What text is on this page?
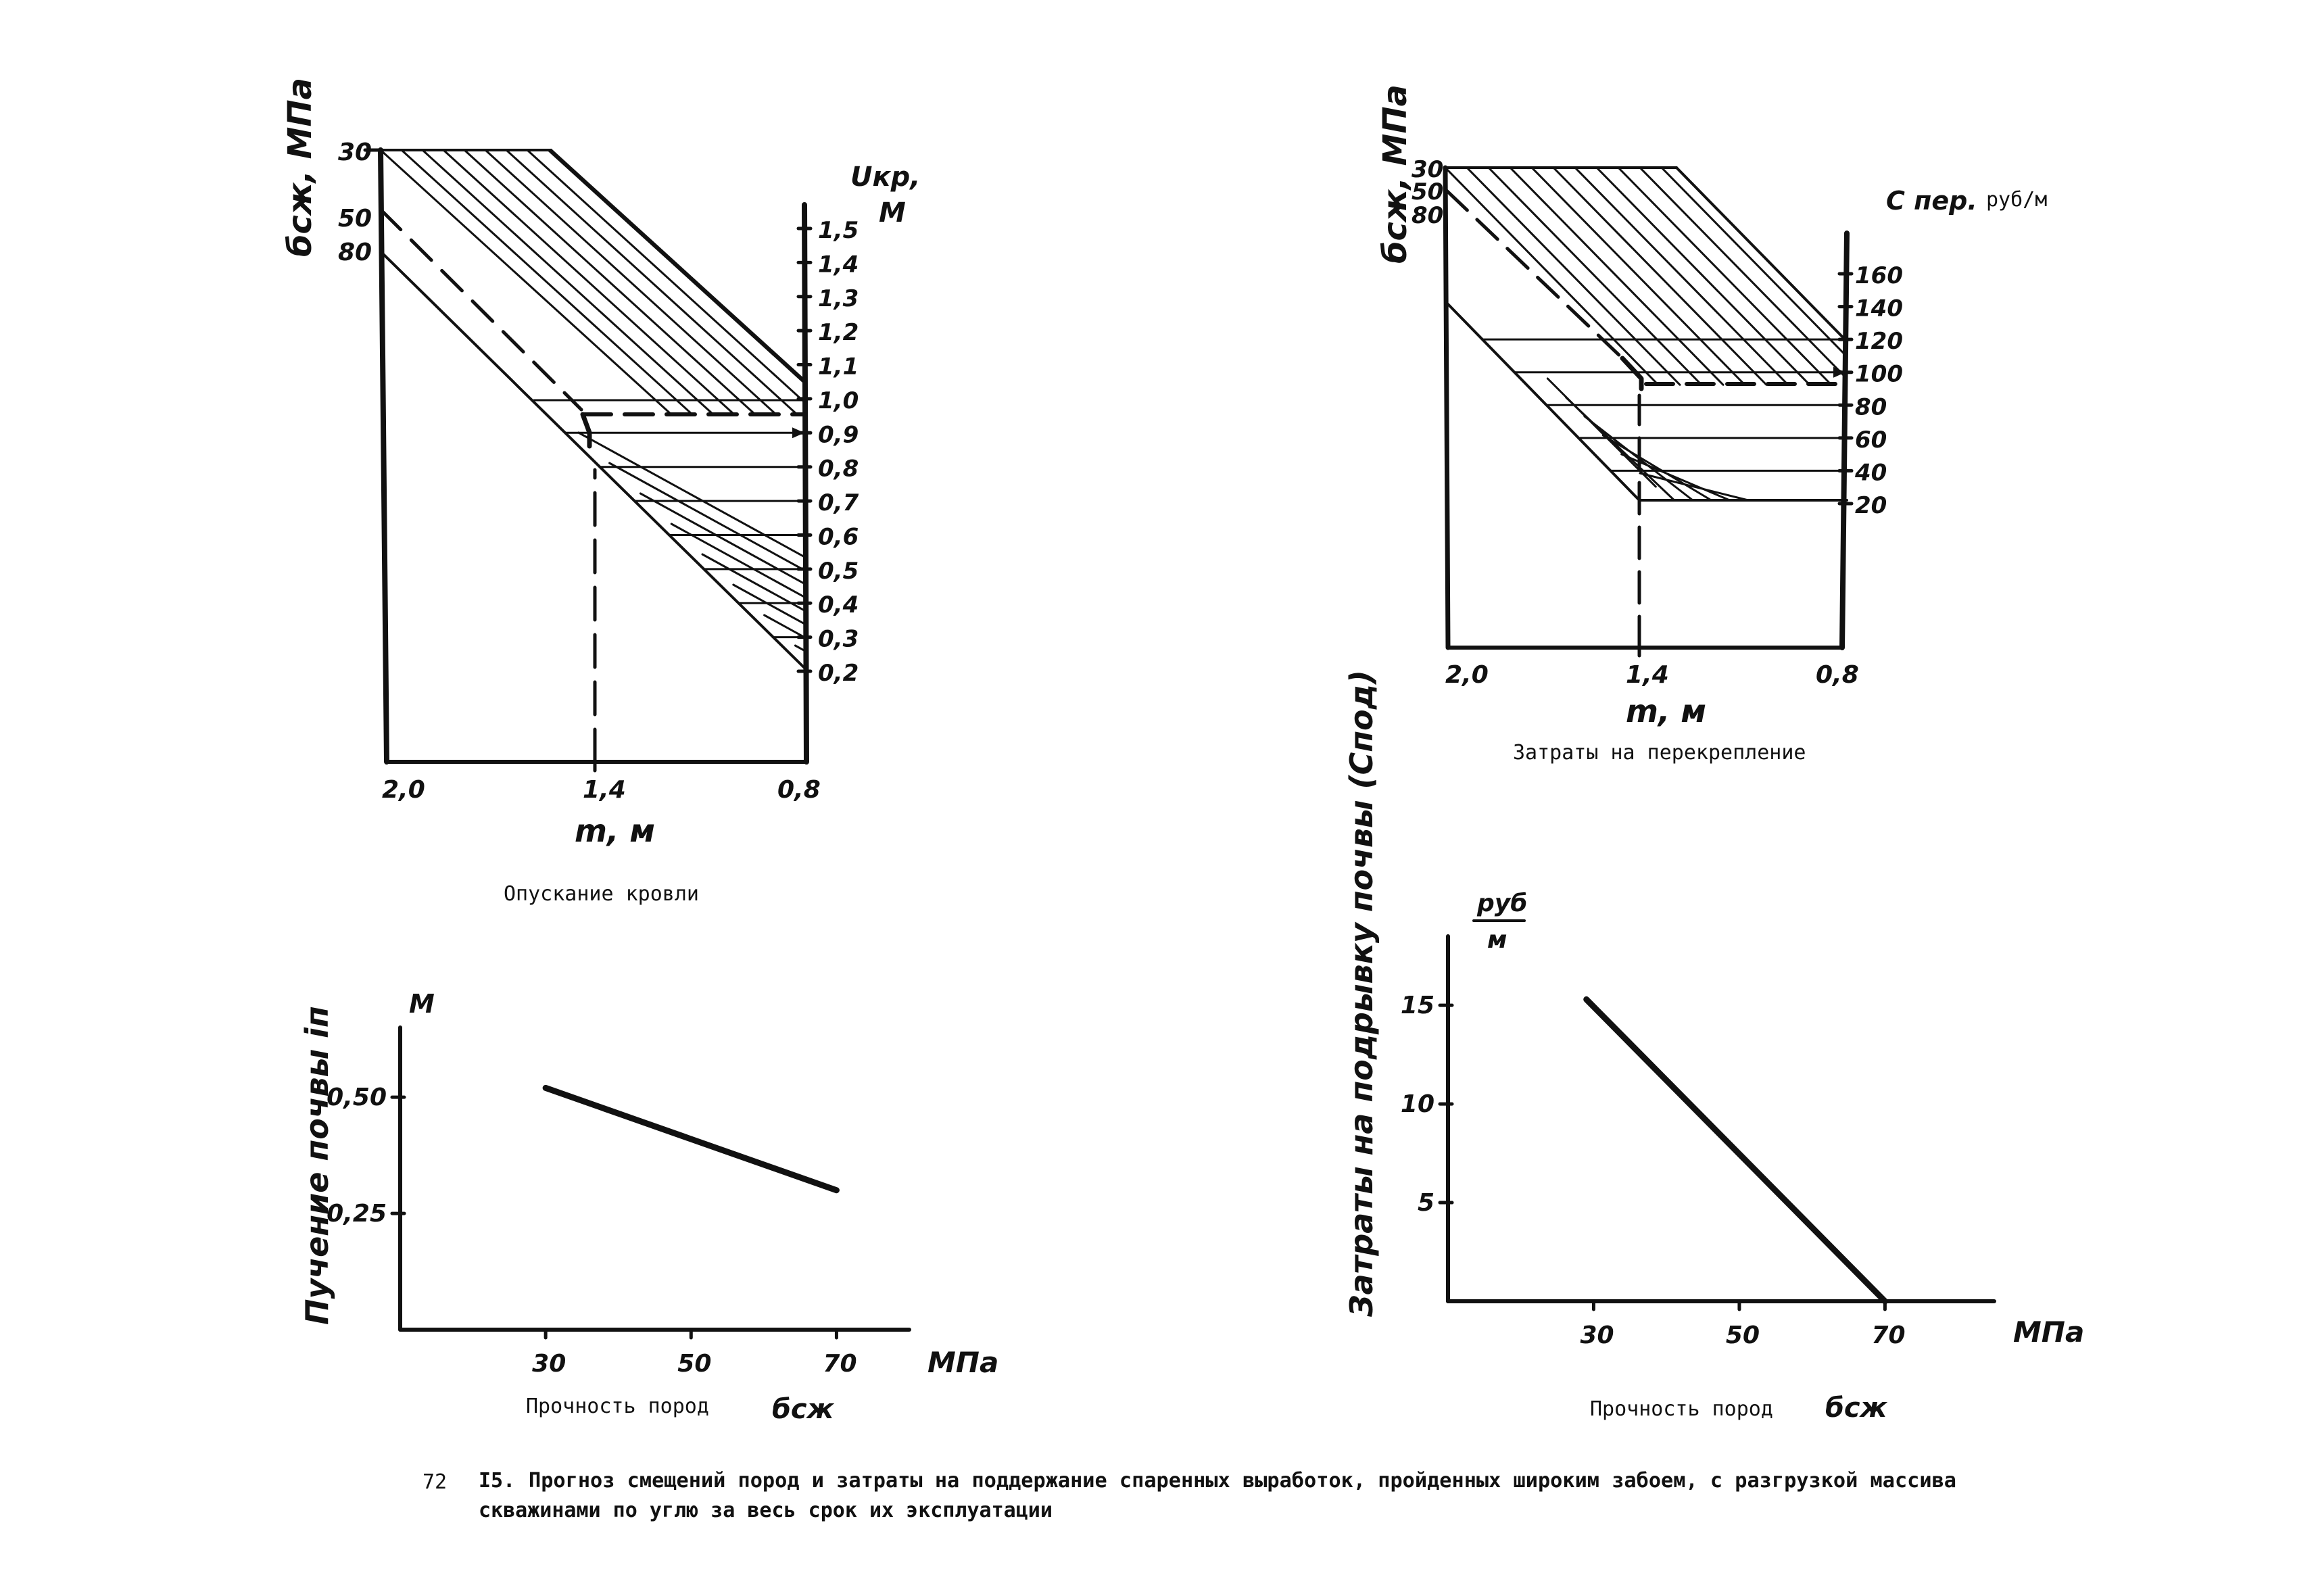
бсж, МПа 30
50
80
Uкр,
М
1,5
1,4
1,3
1,2
1,1
1,0
0,9
0,8
0,7
0,6
0,5
0,4
0,3
0,2
2,0	1,4	0,8
m, м
Опускание кровли
бсж, МПа
30
50
80	С пер. руб/м
160
140
120
100
80
60
40
20
2,0	1,4	0,8
m, м
Затраты на перекрепление
30	50	70
0,50
0,25
М
Пучение почвы iп
МПа
Прочность пород бсж
30	50	70
15
10
5
руб
м
Затраты на подрывку почвы (Cпод)
МПа
Прочность пород бсж
72 I5. Прогноз смещений пород и затраты на поддержание спаренных выработок, пройденных широким забоем, с разгрузкой массива
скважинами по углю за весь срок их эксплуатации
